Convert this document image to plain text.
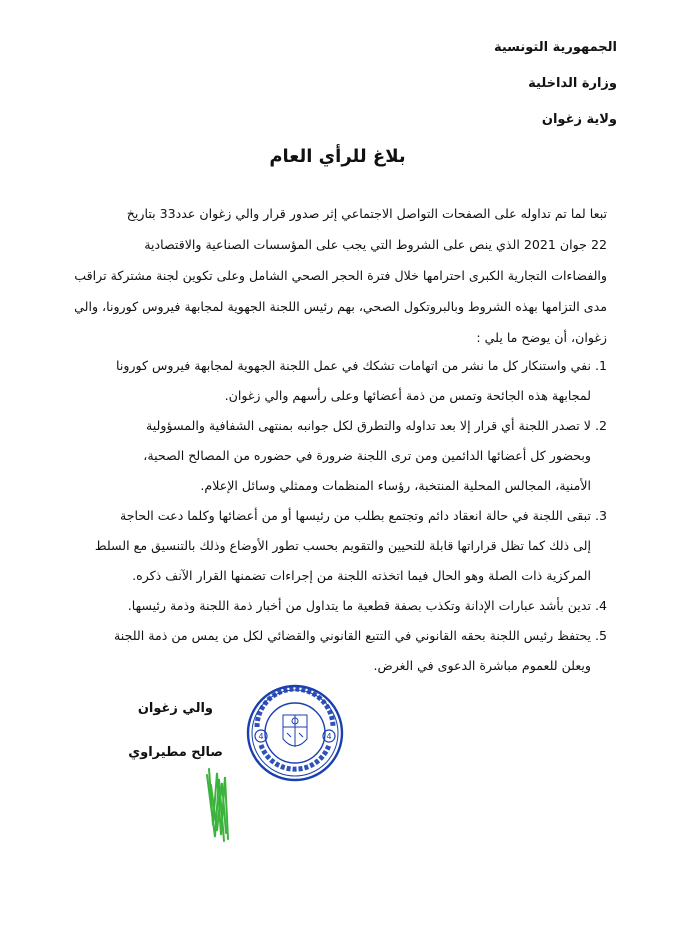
الجمهورية التونسية
وزارة الداخلية
ولاية زغوان
بلاغ للرأي العام

تبعا لما تم تداوله على الصفحات التواصل الاجتماعي إثر صدور قرار والي زغوان عدد33 بتاريخ

22 جوان 2021 الذي ينص على الشروط التي يجب على المؤسسات الصناعية والاقتصادية

والفضاءات التجارية الكبرى احترامها خلال فترة الحجر الصحي الشامل وعلى تكوين لجنة مشتركة تراقب

مدى التزامها بهذه الشروط وبالبروتكول الصحي، بهم رئيس اللجنة الجهوية لمجابهة فيروس كورونا، والي

زغوان، أن يوضح ما يلي :

1.
نفي واستنكار كل ما نشر من اتهامات تشكك في عمل اللجنة الجهوية لمجابهة فيروس كورونا
لمجابهة هذه الجائحة وتمس من ذمة أعضائها وعلى رأسهم والي زغوان.
2.
لا تصدر اللجنة أي قرار إلا بعد تداوله والتطرق لكل جوانبه بمنتهى الشفافية والمسؤولية
وبحضور كل أعضائها الدائمين ومن ترى اللجنة ضرورة في حضوره من المصالح الصحية،
الأمنية، المجالس المحلية المنتخبة، رؤساء المنظمات وممثلي وسائل الإعلام.
3.
تبقى اللجنة في حالة انعقاد دائم وتجتمع بطلب من رئيسها أو من أعضائها وكلما دعت الحاجة
إلى ذلك كما تظل قراراتها قابلة للتحيين والتقويم بحسب تطور الأوضاع وذلك بالتنسيق مع السلط
المركزية ذات الصلة وهو الحال فيما اتخذته اللجنة من إجراءات تضمنها القرار الآنف ذكره.
4.
تدين بأشد عبارات الإدانة وتكذب بصفة قطعية ما يتداول من أخبار ذمة اللجنة وذمة رئيسها.
5.
يحتفظ رئيس اللجنة بحقه القانوني في التتبع القانوني والقضائي لكل من يمس من ذمة اللجنة
ويعلن للعموم مباشرة الدعوى في الغرض.
والي زغوان
صالح مطيراوي
4	4
